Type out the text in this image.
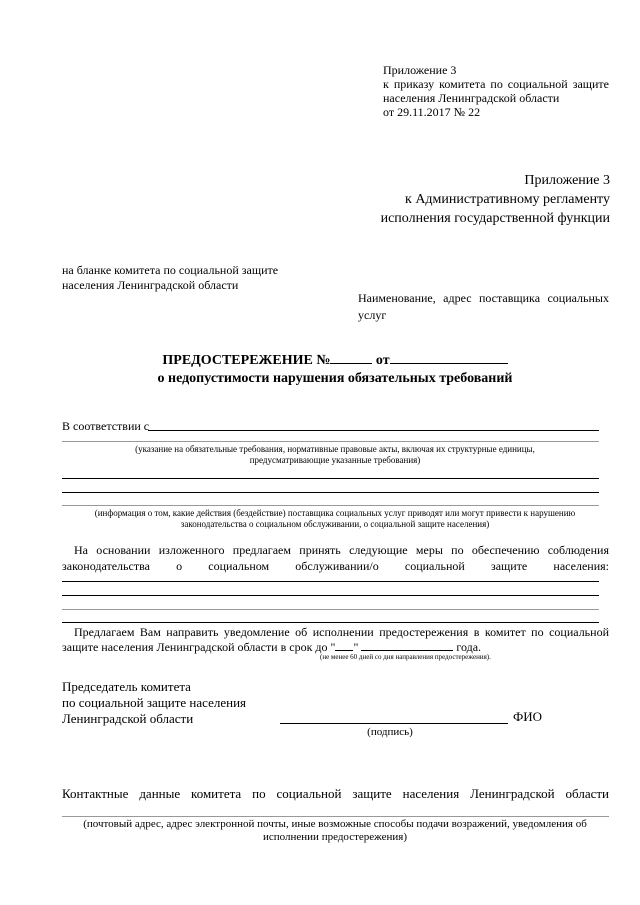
Приложение 3
к приказу комитета по социальной защите населения Ленинградской области
от 29.11.2017 № 22
Приложение 3
к Административному регламенту
исполнения государственной функции
на бланке комитета по социальной защите
населения Ленинградской области
Наименование, адрес поставщика социальных услуг
ПРЕДОСТЕРЕЖЕНИЕ №	от
о недопустимости нарушения обязательных требований
В соответствии с
(указание на обязательные требования, нормативные правовые акты, включая их структурные единицы, предусматривающие указанные требования)
(информация о том, какие действия (бездействие) поставщика социальных услуг приводят или могут привести к нарушению законодательства о социальном обслуживании, о социальной защите населения)
На основании изложенного предлагаем принять следующие меры по обеспечению соблюдения законодательства о социальном обслуживании/о социальной защите населения:
Предлагаем Вам направить уведомление об исполнении предостережения в комитет по социальной
защите населения Ленинградской области в срок до " "	года.
(не менее 60 дней со дня направления предостережения).
Председатель комитета
по социальной защите населения
Ленинградской области	ФИО
(подпись)
Контактные данные комитета по социальной защите населения Ленинградской области
(почтовый адрес, адрес электронной почты, иные возможные способы подачи возражений, уведомления об исполнении предостережения)
